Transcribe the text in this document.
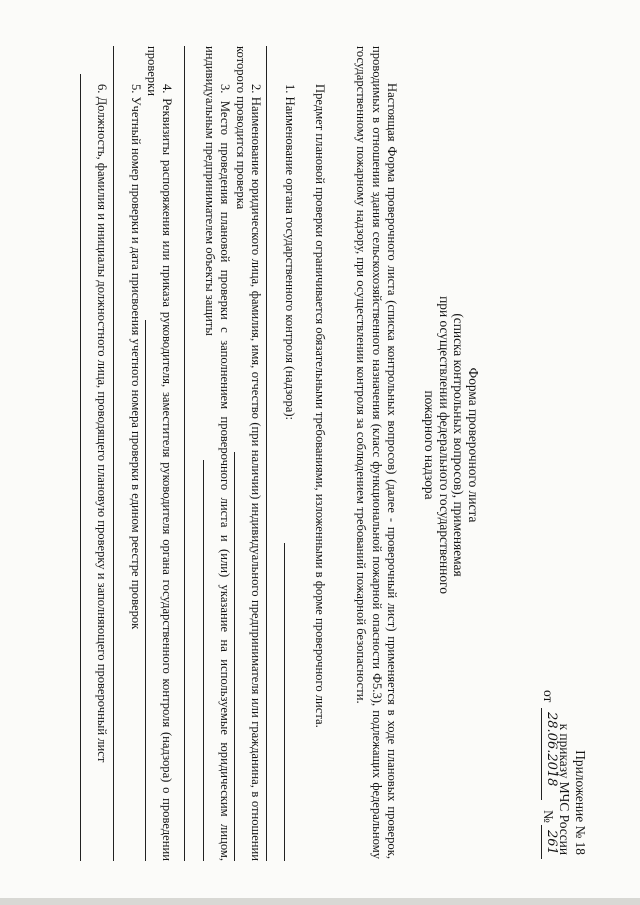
Приложение № 18
к приказу МЧС России
от
28.06.2018
№
261
Форма проверочного листа
(списка контрольных вопросов), применяемая
при осуществлении федерального государственного
пожарного надзора
Настоящая Форма проверочного листа (списка контрольных вопросов) (далее - проверочный лист) применяется в ходе плановых проверок, проводимых в отношении здания сельскохозяйственного назначения (класс функциональной пожарной опасности Ф5.3), подлежащих федеральному государственному пожарному надзору, при осуществлении контроля за соблюдением требований пожарной безопасности.
Предмет плановой проверки ограничивается обязательными требованиями, изложенными в форме проверочного листа.
1. Наименование органа государственного контроля (надзора):
2. Наименование юридического лица, фамилия, имя, отчество (при наличии) индивидуального предпринимателя или гражданина, в отношении которого проводится проверка
3. Место проведения плановой проверки с заполнением проверочного листа и (или) указание на используемые юридическим лицом, индивидуальным предпринимателем объекты защиты
4. Реквизиты распоряжения или приказа руководителя, заместителя руководителя органа государственного контроля (надзора) о проведении проверки
5. Учетный номер проверки и дата присвоения учетного номера проверки в едином реестре проверок
6. Должность, фамилия и инициалы должностного лица, проводящего плановую проверку и заполняющего проверочный лист
